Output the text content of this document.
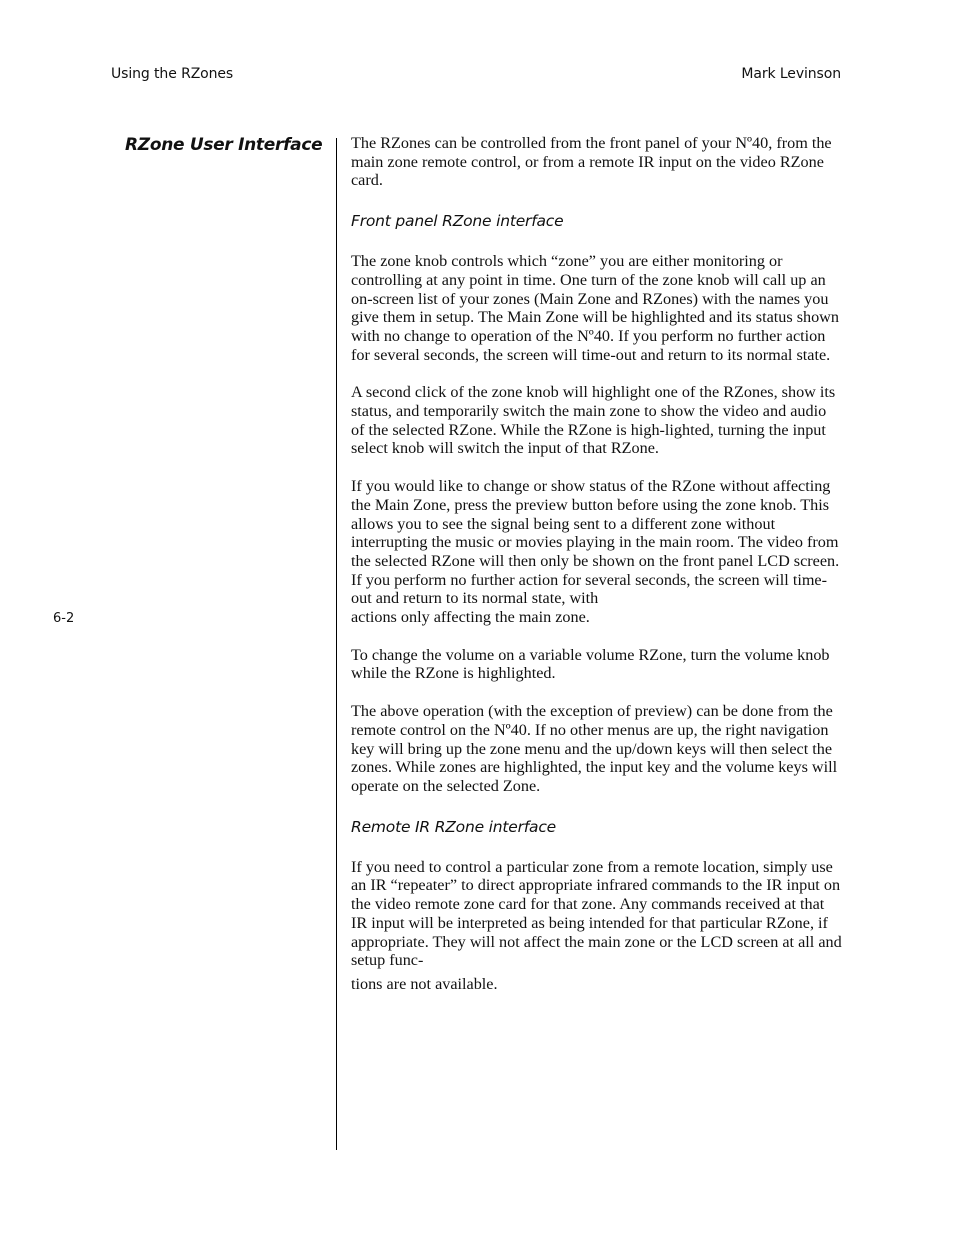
Using the RZones	Mark Levinson
RZone User Interface
6-2

The RZones can be controlled from the front panel of your Nº40, from the main zone remote control, or from a remote IR input on the video RZone card.

Front panel RZone interface

The zone knob controls which “zone” you are either monitoring or controlling at any point in time. One turn of the zone knob will call up an on-screen list of your zones (Main Zone and RZones) with the names you give them in setup. The Main Zone will be highlighted and its status shown with no change to operation of the Nº40. If you perform no further action for several seconds, the screen will time-out and return to its normal state.

A second click of the zone knob will highlight one of the RZones, show its status, and temporarily switch the main zone to show the video and audio of the selected RZone. While the RZone is high-lighted, turning the input select knob will switch the input of that RZone.

If you would like to change or show status of the RZone without affecting the Main Zone, press the preview button before using the zone knob. This allows you to see the signal being sent to a different zone without interrupting the music or movies playing in the main room. The video from the selected RZone will then only be shown on the front panel LCD screen. If you perform no further action for several seconds, the screen will time-out and return to its normal state, with
actions only affecting the main zone.

To change the volume on a variable volume RZone, turn the volume knob while the RZone is highlighted.

The above operation (with the exception of preview) can be done from the remote control on the Nº40. If no other menus are up, the right navigation key will bring up the zone menu and the up/down keys will then select the zones. While zones are highlighted, the input key and the volume keys will operate on the selected Zone.

Remote IR RZone interface

If you need to control a particular zone from a remote location, simply use an IR “repeater” to direct appropriate infrared commands to the IR input on the video remote zone card for that zone. Any commands received at that IR input will be interpreted as being intended for that particular RZone, if appropriate. They will not affect the main zone or the LCD screen at all and setup func-
tions are not available.
